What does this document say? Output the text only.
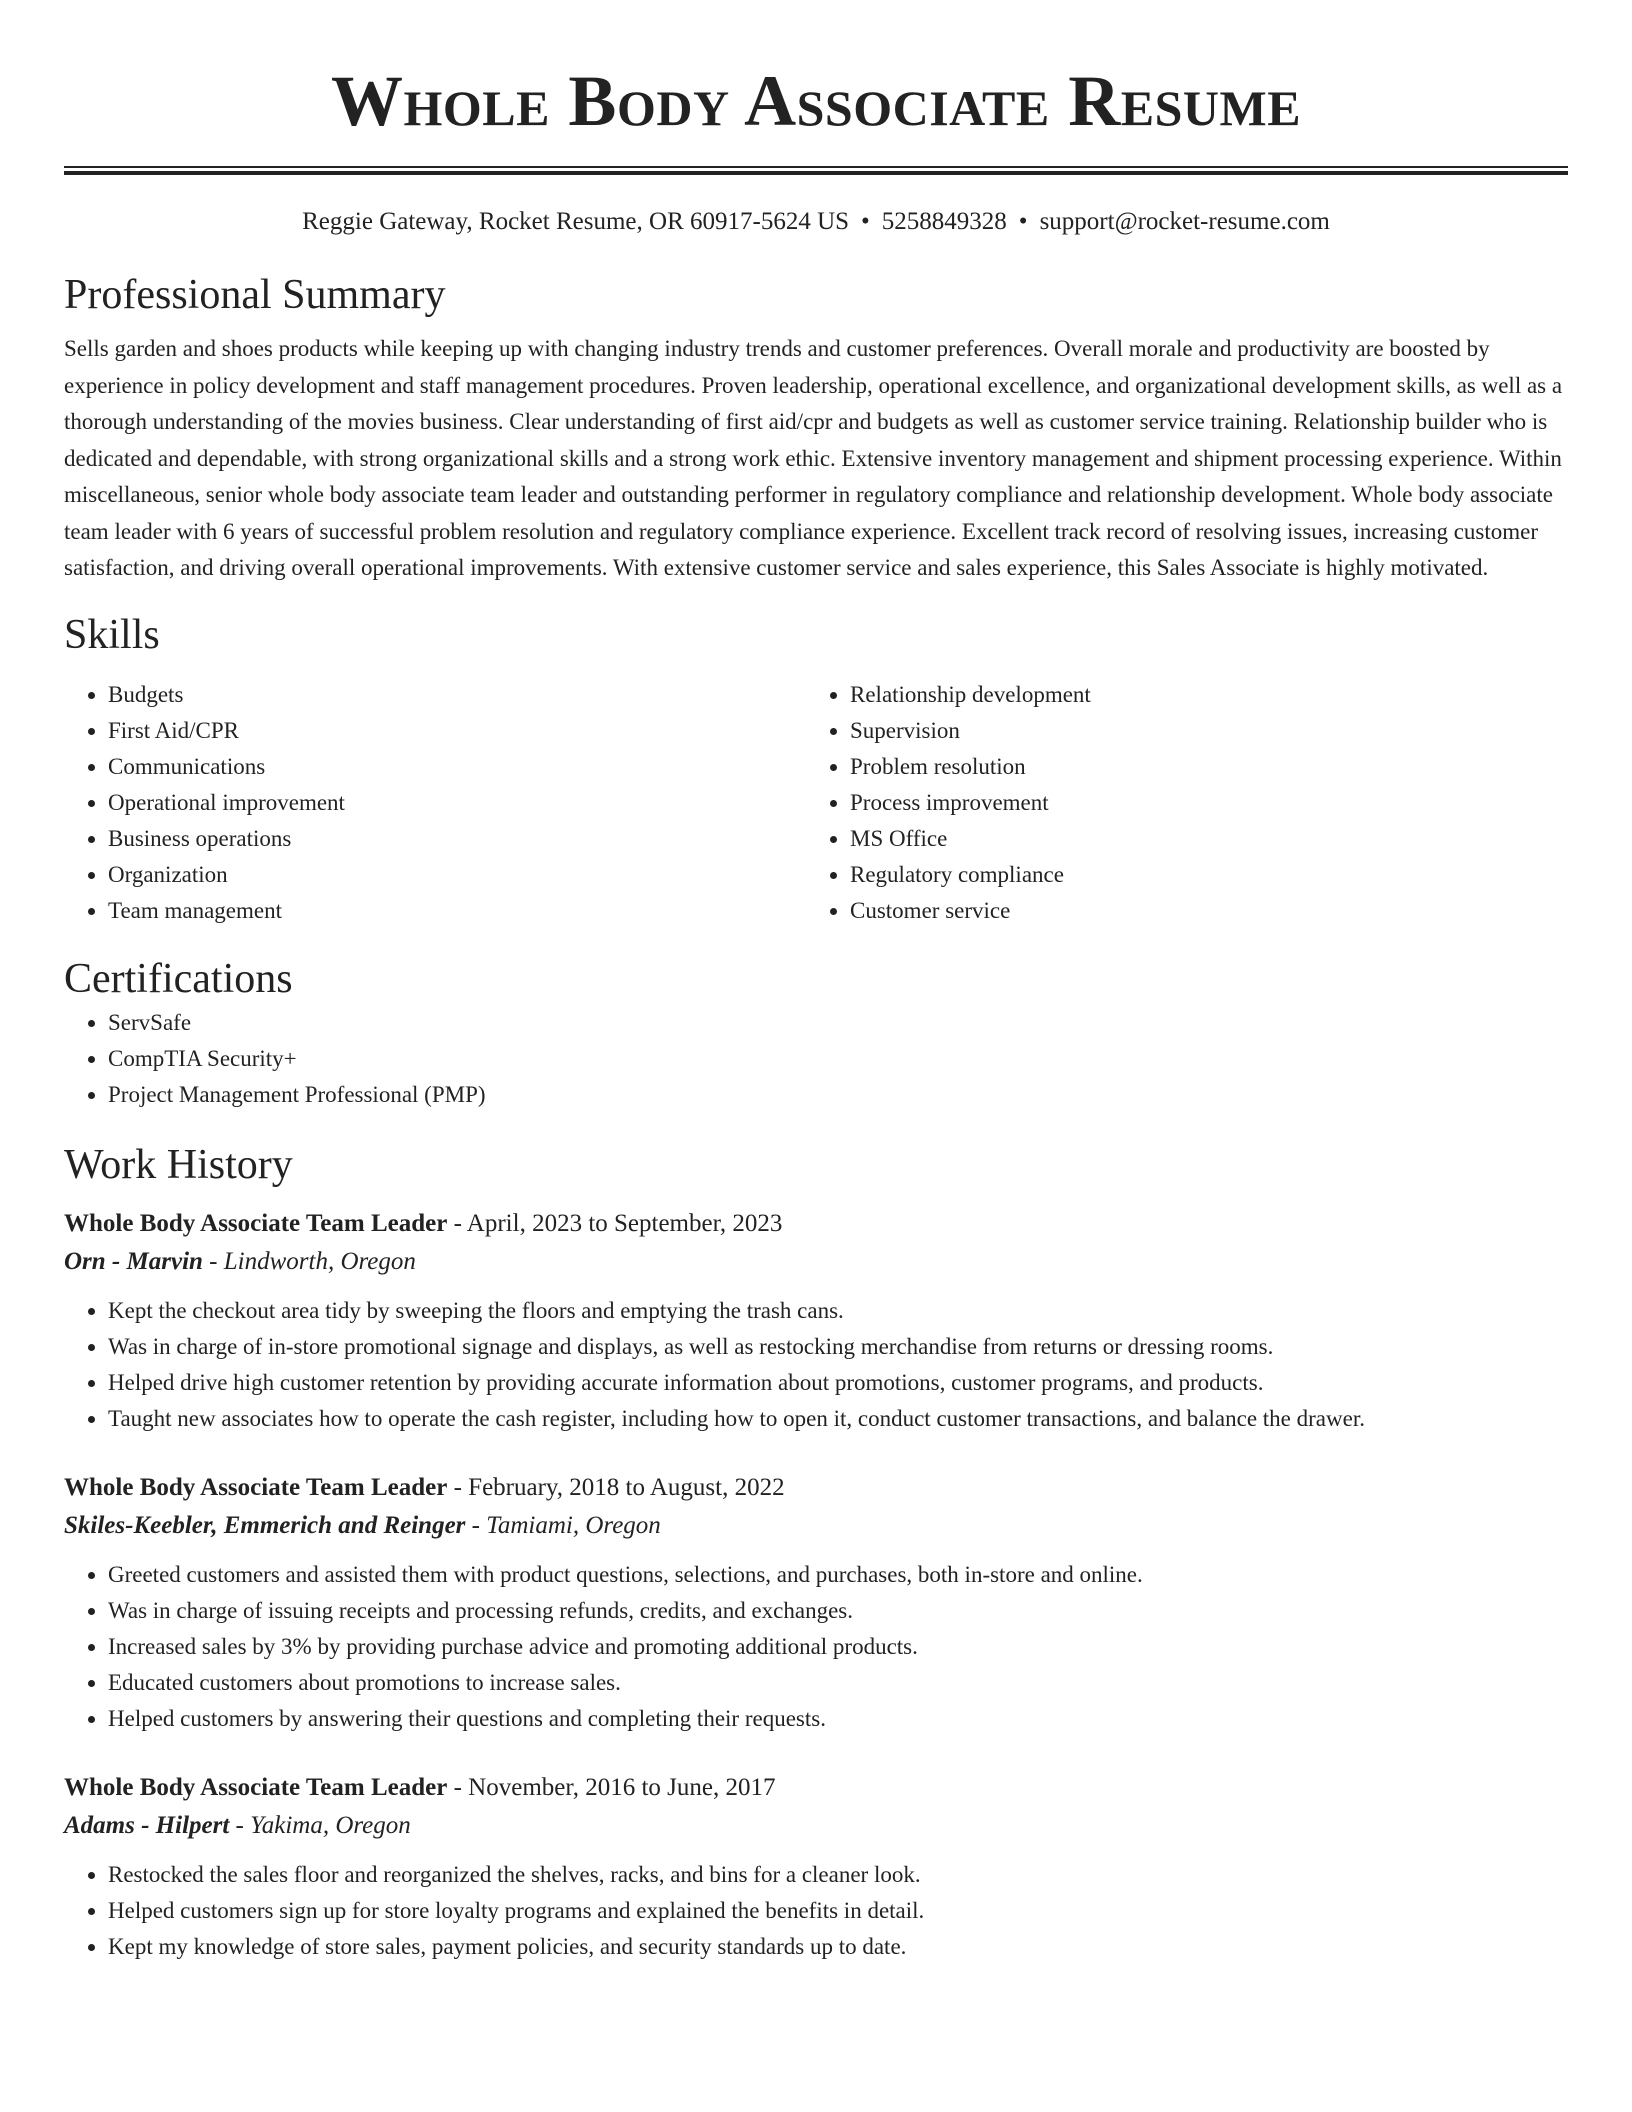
Whole Body Associate Resume
Reggie Gateway, Rocket Resume, OR 60917-5624 US • 5258849328 • support@rocket-resume.com
Professional Summary

Sells garden and shoes products while keeping up with changing industry trends and customer preferences. Overall morale and productivity are boosted by experience in policy development and staff management procedures. Proven leadership, operational excellence, and organizational development skills, as well as a thorough understanding of the movies business. Clear understanding of first aid/cpr and budgets as well as customer service training. Relationship builder who is dedicated and dependable, with strong organizational skills and a strong work ethic. Extensive inventory management and shipment processing experience. Within miscellaneous, senior whole body associate team leader and outstanding performer in regulatory compliance and relationship development. Whole body associate team leader with 6 years of successful problem resolution and regulatory compliance experience. Excellent track record of resolving issues, increasing customer satisfaction, and driving overall operational improvements. With extensive customer service and sales experience, this Sales Associate is highly motivated.

Skills
• Budgets
• First Aid/CPR
• Communications
• Operational improvement
• Business operations
• Organization
• Team management
• Relationship development
• Supervision
• Problem resolution
• Process improvement
• MS Office
• Regulatory compliance
• Customer service
Certifications
• ServSafe
• CompTIA Security+
• Project Management Professional (PMP)
Work History
Whole Body Associate Team Leader - April, 2023 to September, 2023
Orn - Marvin - Lindworth, Oregon
• Kept the checkout area tidy by sweeping the floors and emptying the trash cans.
• Was in charge of in-store promotional signage and displays, as well as restocking merchandise from returns or dressing rooms.
• Helped drive high customer retention by providing accurate information about promotions, customer programs, and products.
• Taught new associates how to operate the cash register, including how to open it, conduct customer transactions, and balance the drawer.
Whole Body Associate Team Leader - February, 2018 to August, 2022
Skiles-Keebler, Emmerich and Reinger - Tamiami, Oregon
• Greeted customers and assisted them with product questions, selections, and purchases, both in-store and online.
• Was in charge of issuing receipts and processing refunds, credits, and exchanges.
• Increased sales by 3% by providing purchase advice and promoting additional products.
• Educated customers about promotions to increase sales.
• Helped customers by answering their questions and completing their requests.
Whole Body Associate Team Leader - November, 2016 to June, 2017
Adams - Hilpert - Yakima, Oregon
• Restocked the sales floor and reorganized the shelves, racks, and bins for a cleaner look.
• Helped customers sign up for store loyalty programs and explained the benefits in detail.
• Kept my knowledge of store sales, payment policies, and security standards up to date.
